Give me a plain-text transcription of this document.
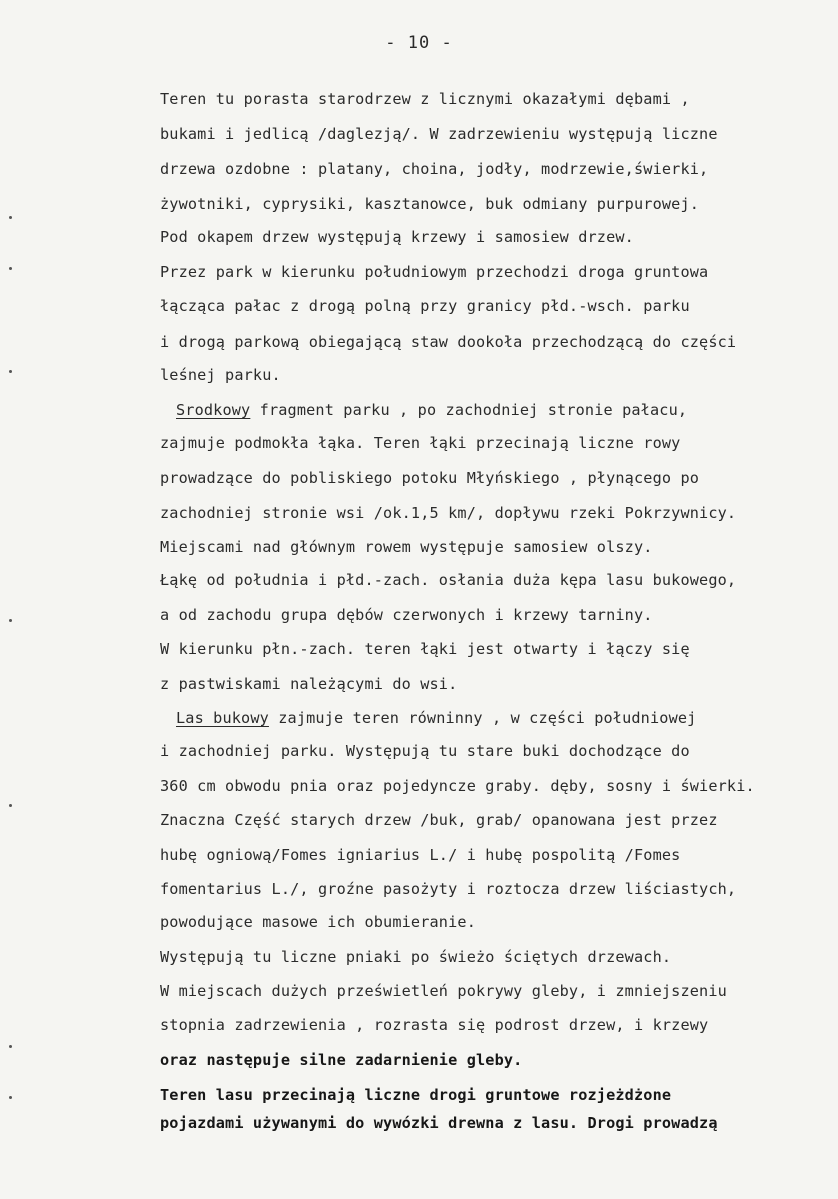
- 10 -
Teren tu porasta starodrzew z licznymi okazałymi dębami ,
bukami i jedlicą /daglezją/. W zadrzewieniu występują liczne
drzewa ozdobne : platany, choina, jodły, modrzewie,świerki,
żywotniki, cyprysiki, kasztanowce, buk odmiany purpurowej.
Pod okapem drzew występują krzewy i samosiew drzew.
Przez park w kierunku południowym przechodzi droga gruntowa
łącząca pałac z drogą polną przy granicy płd.-wsch. parku
i drogą parkową obiegającą staw dookoła przechodzącą do części
leśnej parku.
Srodkowy fragment parku , po zachodniej stronie pałacu,
zajmuje podmokła łąka. Teren łąki przecinają liczne rowy
prowadzące do pobliskiego potoku Młyńskiego , płynącego po
zachodniej stronie wsi /ok.1,5 km/, dopływu rzeki Pokrzywnicy.
Miejscami nad głównym rowem występuje samosiew olszy.
Łąkę od południa i płd.-zach. osłania duża kępa lasu bukowego,
a od zachodu grupa dębów czerwonych i krzewy tarniny.
W kierunku płn.-zach. teren łąki jest otwarty i łączy się
z pastwiskami należącymi do wsi.
Las bukowy zajmuje teren równinny , w części południowej
i zachodniej parku. Występują tu stare buki dochodzące do
360 cm obwodu pnia oraz pojedyncze graby. dęby, sosny i świerki.
Znaczna Część starych drzew /buk, grab/ opanowana jest przez
hubę ogniową/Fomes igniarius L./ i hubę pospolitą /Fomes
fomentarius L./, groźne pasożyty i roztocza drzew liściastych,
powodujące masowe ich obumieranie.
Występują tu liczne pniaki po świeżo ściętych drzewach.
W miejscach dużych prześwietleń pokrywy gleby, i zmniejszeniu
stopnia zadrzewienia , rozrasta się podrost drzew, i krzewy
oraz następuje silne zadarnienie gleby.
Teren lasu przecinają liczne drogi gruntowe rozjeżdżone
pojazdami używanymi do wywózki drewna z lasu. Drogi prowadzą
